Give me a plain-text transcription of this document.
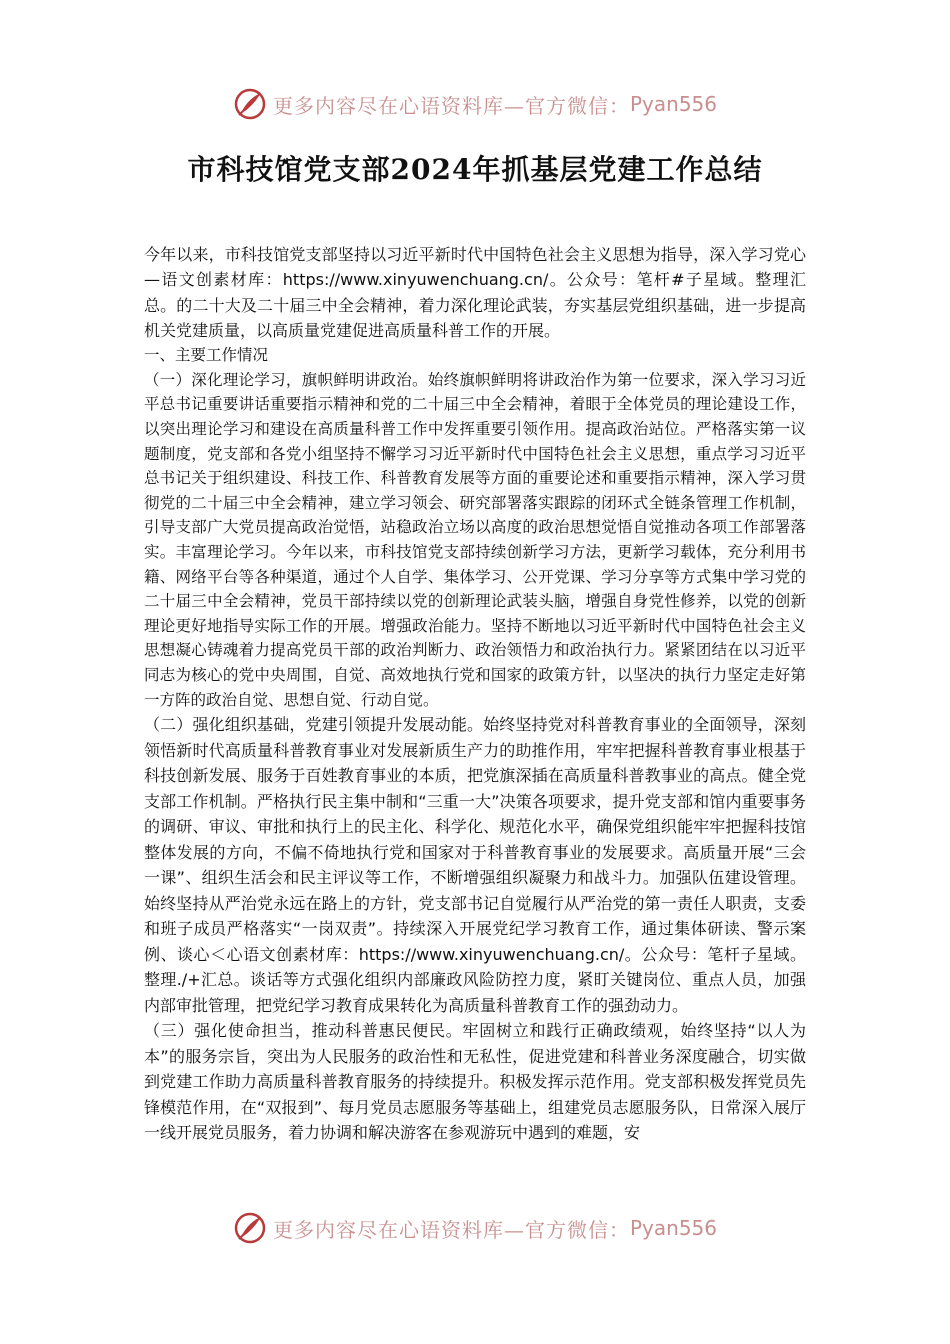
更多内容尽在心语资料库—官方微信： Pyan556
市科技馆党支部2024年抓基层党建工作总结

今年以来，市科技馆党支部坚持以习近平新时代中国特色社会主义思想为指导，深入学习党心—语文创素材库：https://www.xinyuwenchuang.cn/。公众号：笔杆#子星域。整理汇总。的二十大及二十届三中全会精神，着力深化理论武装，夯实基层党组织基础，进一步提高机关党建质量，以高质量党建促进高质量科普工作的开展。

一、主要工作情况

（一）深化理论学习，旗帜鲜明讲政治。始终旗帜鲜明将讲政治作为第一位要求，深入学习习近平总书记重要讲话重要指示精神和党的二十届三中全会精神，着眼于全体党员的理论建设工作，以突出理论学习和建设在高质量科普工作中发挥重要引领作用。提高政治站位。严格落实第一议题制度，党支部和各党小组坚持不懈学习习近平新时代中国特色社会主义思想，重点学习习近平总书记关于组织建设、科技工作、科普教育发展等方面的重要论述和重要指示精神，深入学习贯彻党的二十届三中全会精神，建立学习领会、研究部署落实跟踪的闭环式全链条管理工作机制，引导支部广大党员提高政治觉悟，站稳政治立场以高度的政治思想觉悟自觉推动各项工作部署落实。丰富理论学习。今年以来，市科技馆党支部持续创新学习方法，更新学习载体，充分利用书籍、网络平台等各种渠道，通过个人自学、集体学习、公开党课、学习分享等方式集中学习党的二十届三中全会精神，党员干部持续以党的创新理论武装头脑，增强自身党性修养，以党的创新理论更好地指导实际工作的开展。增强政治能力。坚持不断地以习近平新时代中国特色社会主义思想凝心铸魂着力提高党员干部的政治判断力、政治领悟力和政治执行力。紧紧团结在以习近平同志为核心的党中央周围，自觉、高效地执行党和国家的政策方针，以坚决的执行力坚定走好第一方阵的政治自觉、思想自觉、行动自觉。

（二）强化组织基础，党建引领提升发展动能。始终坚持党对科普教育事业的全面领导，深刻领悟新时代高质量科普教育事业对发展新质生产力的助推作用，牢牢把握科普教育事业根基于科技创新发展、服务于百姓教育事业的本质，把党旗深插在高质量科普教事业的高点。健全党支部工作机制。严格执行民主集中制和“三重一大”决策各项要求，提升党支部和馆内重要事务的调研、审议、审批和执行上的民主化、科学化、规范化水平，确保党组织能牢牢把握科技馆整体发展的方向，不偏不倚地执行党和国家对于科普教育事业的发展要求。高质量开展“三会一课”、组织生活会和民主评议等工作，不断增强组织凝聚力和战斗力。加强队伍建设管理。始终坚持从严治党永远在路上的方针，党支部书记自觉履行从严治党的第一责任人职责，支委和班子成员严格落实“一岗双责”。持续深入开展党纪学习教育工作，通过集体研读、警示案例、谈心＜心语文创素材库：https://www.xinyuwenchuang.cn/。公众号：笔杆子星域。整理./+汇总。谈话等方式强化组织内部廉政风险防控力度，紧盯关键岗位、重点人员，加强内部审批管理，把党纪学习教育成果转化为高质量科普教育工作的强劲动力。

（三）强化使命担当，推动科普惠民便民。牢固树立和践行正确政绩观，始终坚持“以人为本”的服务宗旨，突出为人民服务的政治性和无私性，促进党建和科普业务深度融合，切实做到党建工作助力高质量科普教育服务的持续提升。积极发挥示范作用。党支部积极发挥党员先锋模范作用，在“双报到”、每月党员志愿服务等基础上，组建党员志愿服务队，日常深入展厅一线开展党员服务，着力协调和解决游客在参观游玩中遇到的难题，安

更多内容尽在心语资料库—官方微信： Pyan556
